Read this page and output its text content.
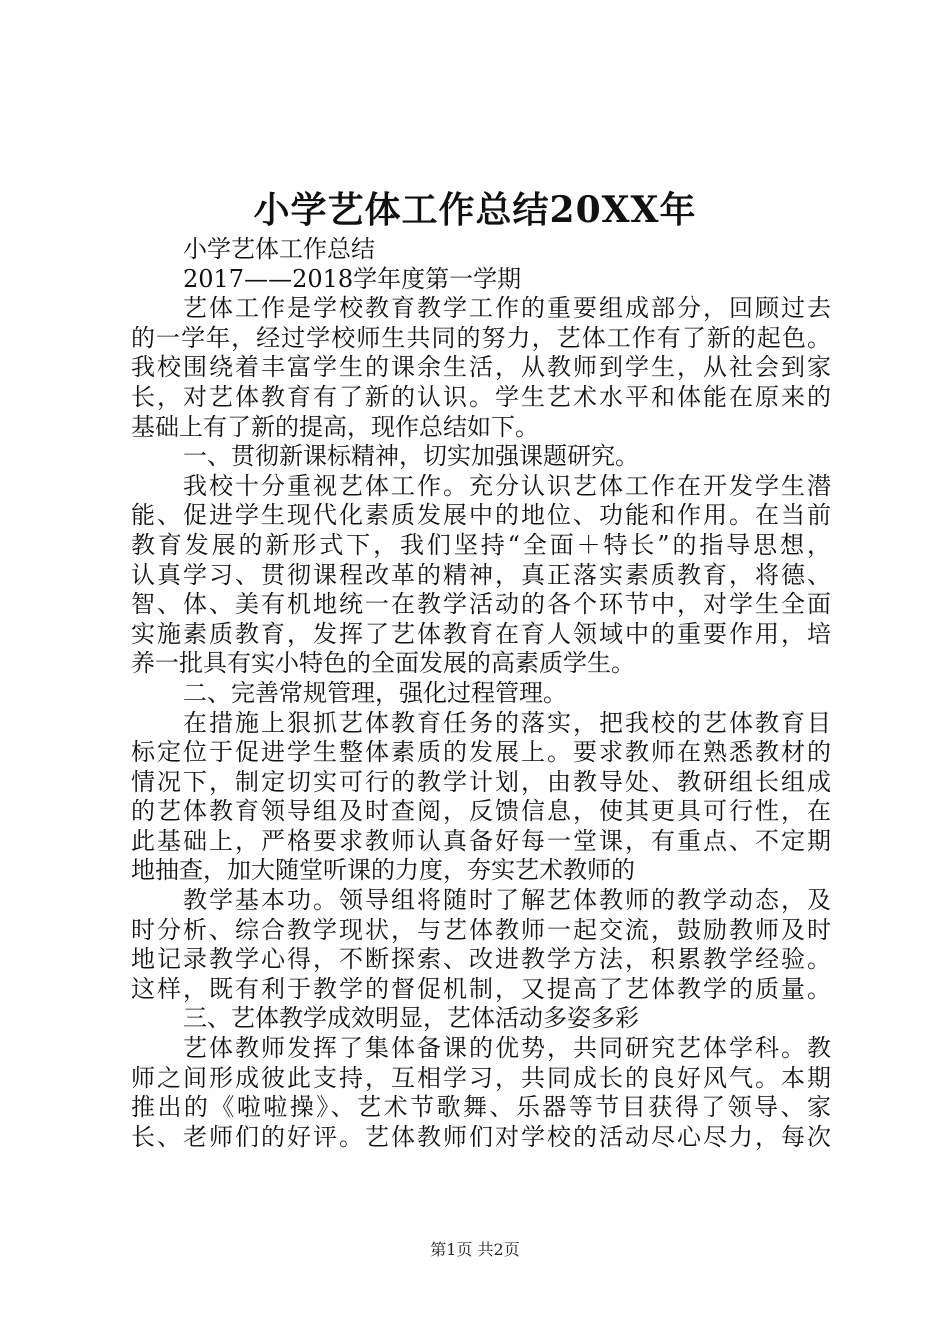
小学艺体工作总结20XX年
小学艺体工作总结
2017——2018学年度第一学期
艺体工作是学校教育教学工作的重要组成部分，回顾过去
的一学年，经过学校师生共同的努力，艺体工作有了新的起色。
我校围绕着丰富学生的课余生活，从教师到学生，从社会到家
长，对艺体教育有了新的认识。学生艺术水平和体能在原来的
基础上有了新的提高，现作总结如下。
一、贯彻新课标精神，切实加强课题研究。
我校十分重视艺体工作。充分认识艺体工作在开发学生潜
能、促进学生现代化素质发展中的地位、功能和作用。在当前
教育发展的新形式下，我们坚持“全面＋特长”的指导思想，
认真学习、贯彻课程改革的精神，真正落实素质教育，将德、
智、体、美有机地统一在教学活动的各个环节中，对学生全面
实施素质教育，发挥了艺体教育在育人领域中的重要作用，培
养一批具有实小特色的全面发展的高素质学生。
二、完善常规管理，强化过程管理。
在措施上狠抓艺体教育任务的落实，把我校的艺体教育目
标定位于促进学生整体素质的发展上。要求教师在熟悉教材的
情况下，制定切实可行的教学计划，由教导处、教研组长组成
的艺体教育领导组及时查阅，反馈信息，使其更具可行性，在
此基础上，严格要求教师认真备好每一堂课，有重点、不定期
地抽查，加大随堂听课的力度，夯实艺术教师的
教学基本功。领导组将随时了解艺体教师的教学动态，及
时分析、综合教学现状，与艺体教师一起交流，鼓励教师及时
地记录教学心得，不断探索、改进教学方法，积累教学经验。
这样，既有利于教学的督促机制，又提高了艺体教学的质量。
三、艺体教学成效明显，艺体活动多姿多彩
艺体教师发挥了集体备课的优势，共同研究艺体学科。教
师之间形成彼此支持，互相学习，共同成长的良好风气。本期
推出的《啦啦操》、艺术节歌舞、乐器等节目获得了领导、家
长、老师们的好评。艺体教师们对学校的活动尽心尽力，每次
第1页 共2页
